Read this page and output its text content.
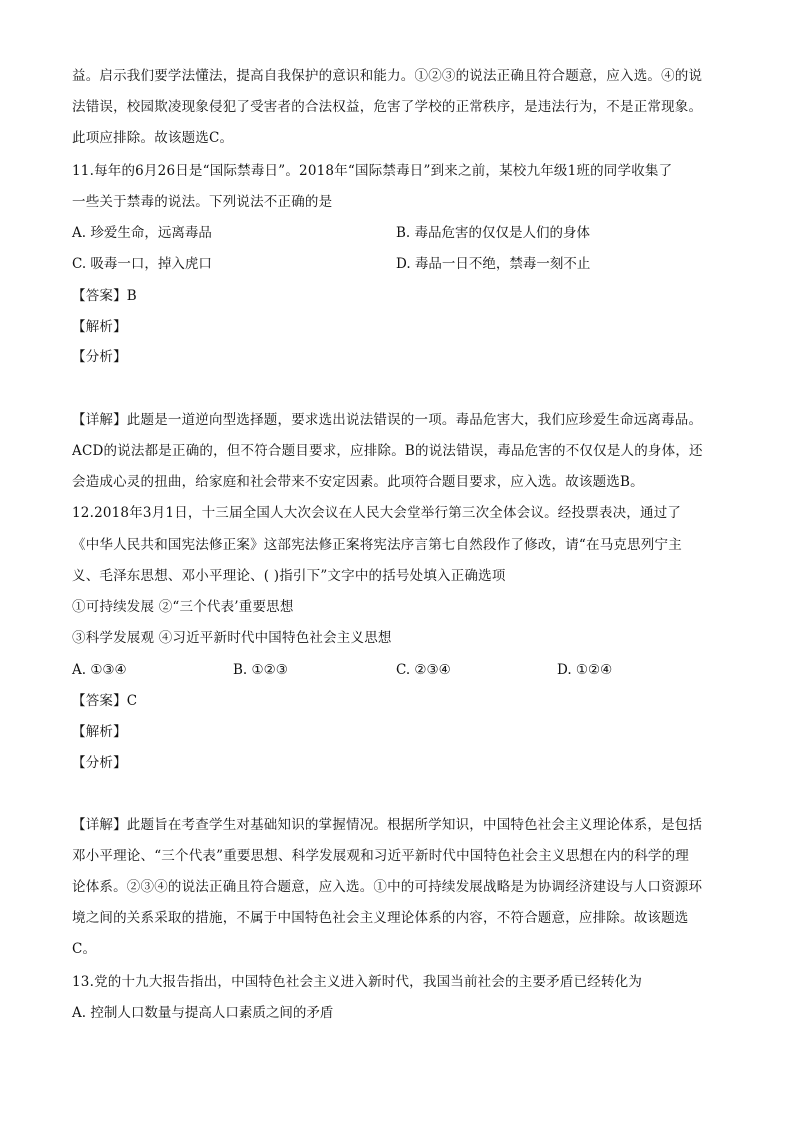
益。启示我们要学法懂法，提高自我保护的意识和能力。①②③的说法正确且符合题意，应入选。④的说
法错误，校园欺凌现象侵犯了受害者的合法权益，危害了学校的正常秩序，是违法行为，不是正常现象。
此项应排除。故该题选C。
11.每年的6月26日是“国际禁毒日”。2018年“国际禁毒日”到来之前，某校九年级1班的同学收集了
一些关于禁毒的说法。下列说法不正确的是
A. 珍爱生命，远离毒品	B. 毒品危害的仅仅是人们的身体
C. 吸毒一口，掉入虎口	D. 毒品一日不绝，禁毒一刻不止
【答案】B
【解析】
【分析】
【详解】此题是一道逆向型选择题，要求选出说法错误的一项。毒品危害大，我们应珍爱生命远离毒品。
ACD的说法都是正确的，但不符合题目要求，应排除。B的说法错误，毒品危害的不仅仅是人的身体，还
会造成心灵的扭曲，给家庭和社会带来不安定因素。此项符合题目要求，应入选。故该题选B。
12.2018年3月1日，十三届全国人大次会议在人民大会堂举行第三次全体会议。经投票表决，通过了
《中华人民共和国宪法修正案》这部宪法修正案将宪法序言第七自然段作了修改，请“在马克思列宁主
义、毛泽东思想、邓小平理论、( )指引下”文字中的括号处填入正确选项
①可持续发展 ②“三个代表’重要思想
③科学发展观 ④习近平新时代中国特色社会主义思想
A. ①③④	B. ①②③	C. ②③④	D. ①②④
【答案】C
【解析】
【分析】
【详解】此题旨在考查学生对基础知识的掌握情况。根据所学知识，中国特色社会主义理论体系，是包括
邓小平理论、“三个代表”重要思想、科学发展观和习近平新时代中国特色社会主义思想在内的科学的理
论体系。②③④的说法正确且符合题意，应入选。①中的可持续发展战略是为协调经济建设与人口资源环
境之间的关系采取的措施，不属于中国特色社会主义理论体系的内容，不符合题意，应排除。故该题选
C。
13.党的十九大报告指出，中国特色社会主义进入新时代，我国当前社会的主要矛盾已经转化为
A. 控制人口数量与提高人口素质之间的矛盾
